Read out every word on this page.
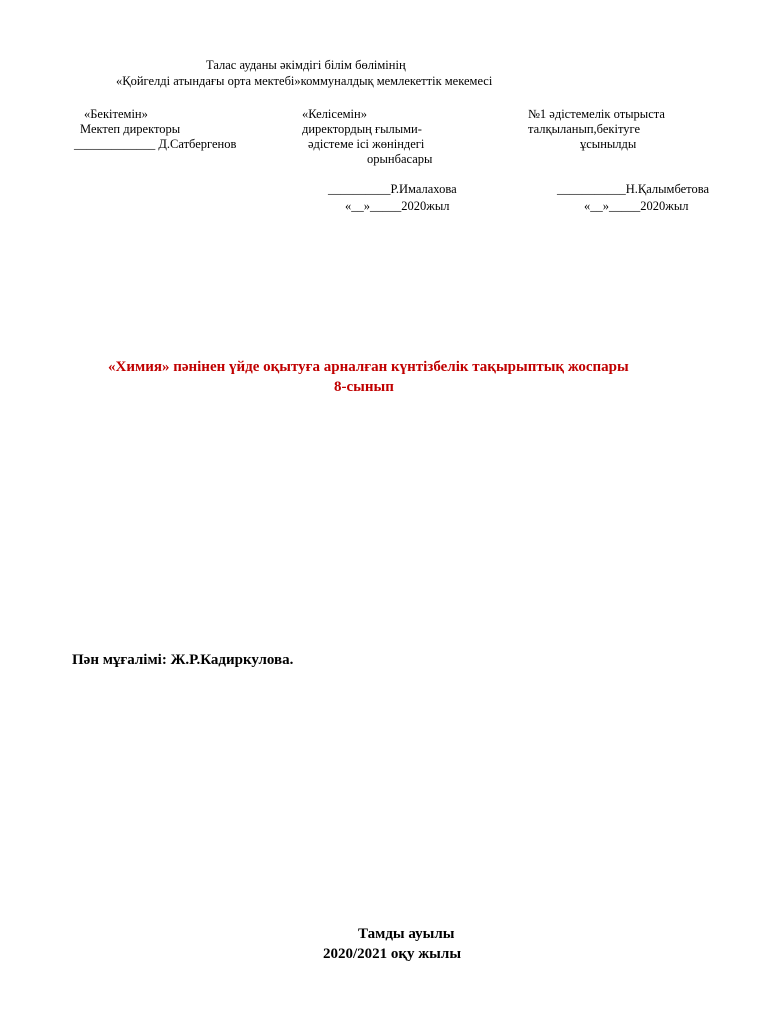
Талас ауданы әкімдігі білім бөлімінің
«Қойгелді атындағы орта мектебі»коммуналдық мемлекеттік мекемесі
«Бекітемін»
Мектеп директоры
_____________ Д.Сатбергенов
«Келісемін»
директордың ғылыми-
әдістеме ісі жөніндегі
орынбасары
__________Р.Ималахова
«__»_____2020жыл
№1 әдістемелік отырыста
талқыланып,бекітуге
ұсынылды
___________Н.Қалымбетова
«__»_____2020жыл
«Химия» пәнінен үйде оқытуға арналған күнтізбелік тақырыптық жоспары
8-сынып
Пән мұғалімі: Ж.Р.Кадиркулова.
Тамды ауылы
2020/2021 оқу жылы
